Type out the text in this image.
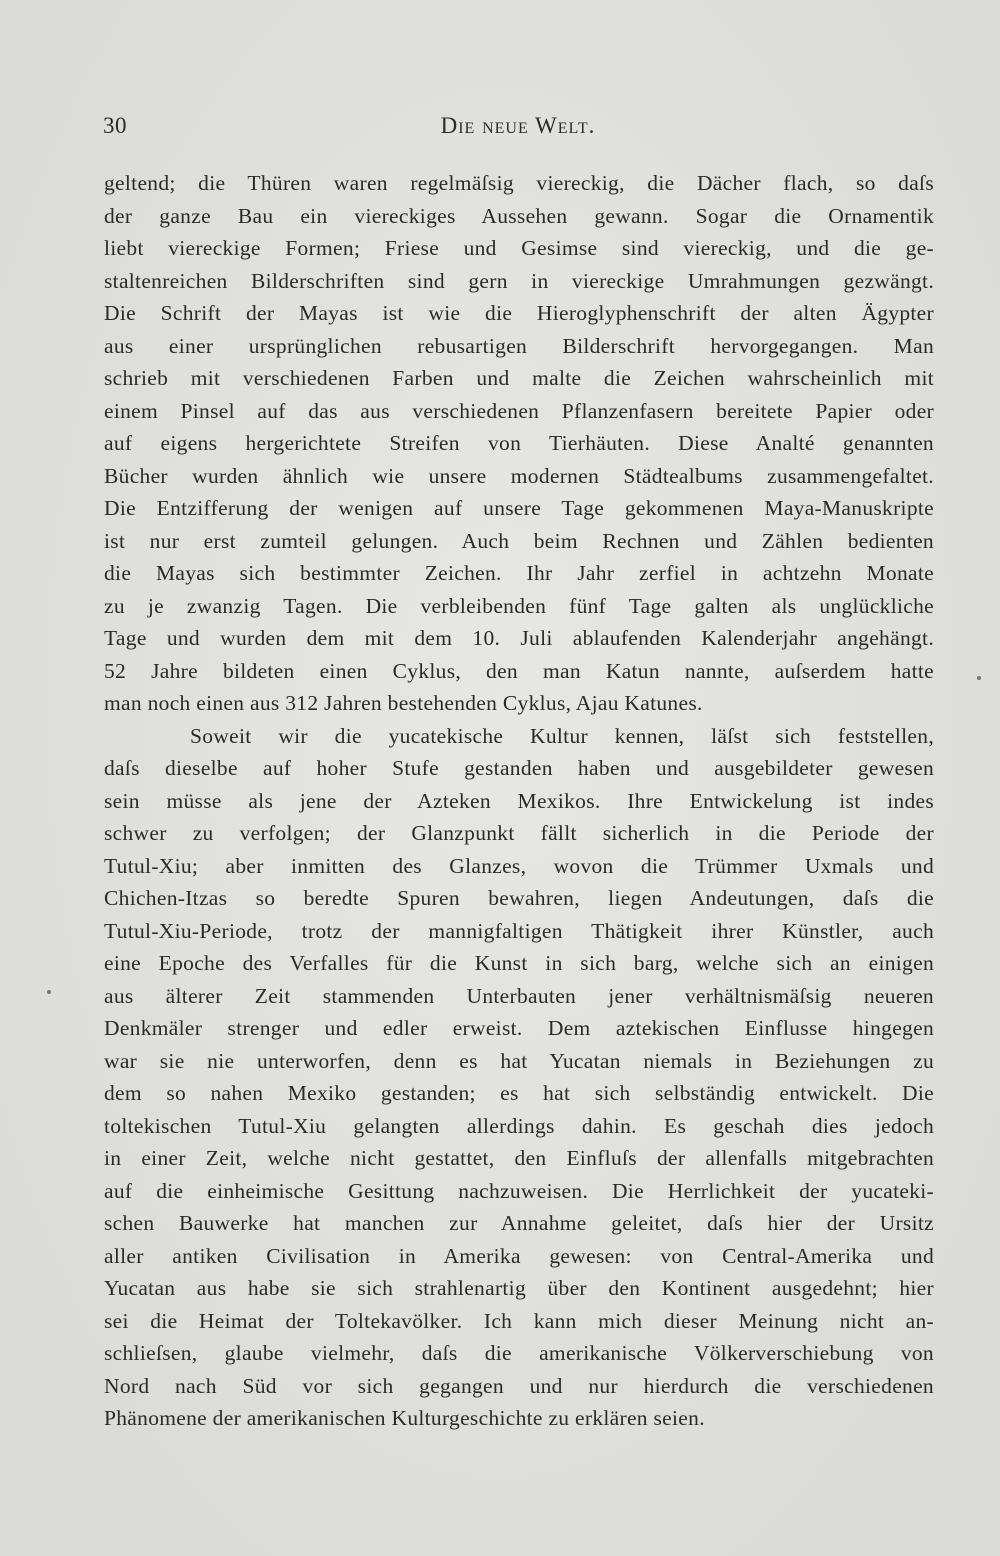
30	Die neue Welt.
geltend; die Thüren waren regelmäſsig viereckig, die Dächer flach, so daſs
der ganze Bau ein viereckiges Aussehen gewann. Sogar die Ornamentik
liebt viereckige Formen; Friese und Gesimse sind viereckig, und die ge-
staltenreichen Bilderschriften sind gern in viereckige Umrahmungen gezwängt.
Die Schrift der Mayas ist wie die Hieroglyphenschrift der alten Ägypter
aus einer ursprünglichen rebusartigen Bilderschrift hervorgegangen. Man
schrieb mit verschiedenen Farben und malte die Zeichen wahrscheinlich mit
einem Pinsel auf das aus verschiedenen Pflanzenfasern bereitete Papier oder
auf eigens hergerichtete Streifen von Tierhäuten. Diese Analté genannten
Bücher wurden ähnlich wie unsere modernen Städtealbums zusammengefaltet.
Die Entzifferung der wenigen auf unsere Tage gekommenen Maya-Manuskripte
ist nur erst zumteil gelungen. Auch beim Rechnen und Zählen bedienten
die Mayas sich bestimmter Zeichen. Ihr Jahr zerfiel in achtzehn Monate
zu je zwanzig Tagen. Die verbleibenden fünf Tage galten als unglückliche
Tage und wurden dem mit dem 10. Juli ablaufenden Kalenderjahr angehängt.
52 Jahre bildeten einen Cyklus, den man Katun nannte, auſserdem hatte
man noch einen aus 312 Jahren bestehenden Cyklus, Ajau Katunes.
Soweit wir die yucatekische Kultur kennen, läſst sich feststellen,
daſs dieselbe auf hoher Stufe gestanden haben und ausgebildeter gewesen
sein müsse als jene der Azteken Mexikos. Ihre Entwickelung ist indes
schwer zu verfolgen; der Glanzpunkt fällt sicherlich in die Periode der
Tutul-Xiu; aber inmitten des Glanzes, wovon die Trümmer Uxmals und
Chichen-Itzas so beredte Spuren bewahren, liegen Andeutungen, daſs die
Tutul-Xiu-Periode, trotz der mannigfaltigen Thätigkeit ihrer Künstler, auch
eine Epoche des Verfalles für die Kunst in sich barg, welche sich an einigen
aus älterer Zeit stammenden Unterbauten jener verhältnismäſsig neueren
Denkmäler strenger und edler erweist. Dem aztekischen Einflusse hingegen
war sie nie unterworfen, denn es hat Yucatan niemals in Beziehungen zu
dem so nahen Mexiko gestanden; es hat sich selbständig entwickelt. Die
toltekischen Tutul-Xiu gelangten allerdings dahin. Es geschah dies jedoch
in einer Zeit, welche nicht gestattet, den Einfluſs der allenfalls mitgebrachten
auf die einheimische Gesittung nachzuweisen. Die Herrlichkeit der yucateki-
schen Bauwerke hat manchen zur Annahme geleitet, daſs hier der Ursitz
aller antiken Civilisation in Amerika gewesen: von Central-Amerika und
Yucatan aus habe sie sich strahlenartig über den Kontinent ausgedehnt; hier
sei die Heimat der Toltekavölker. Ich kann mich dieser Meinung nicht an-
schlieſsen, glaube vielmehr, daſs die amerikanische Völkerverschiebung von
Nord nach Süd vor sich gegangen und nur hierdurch die verschiedenen
Phänomene der amerikanischen Kulturgeschichte zu erklären seien.
